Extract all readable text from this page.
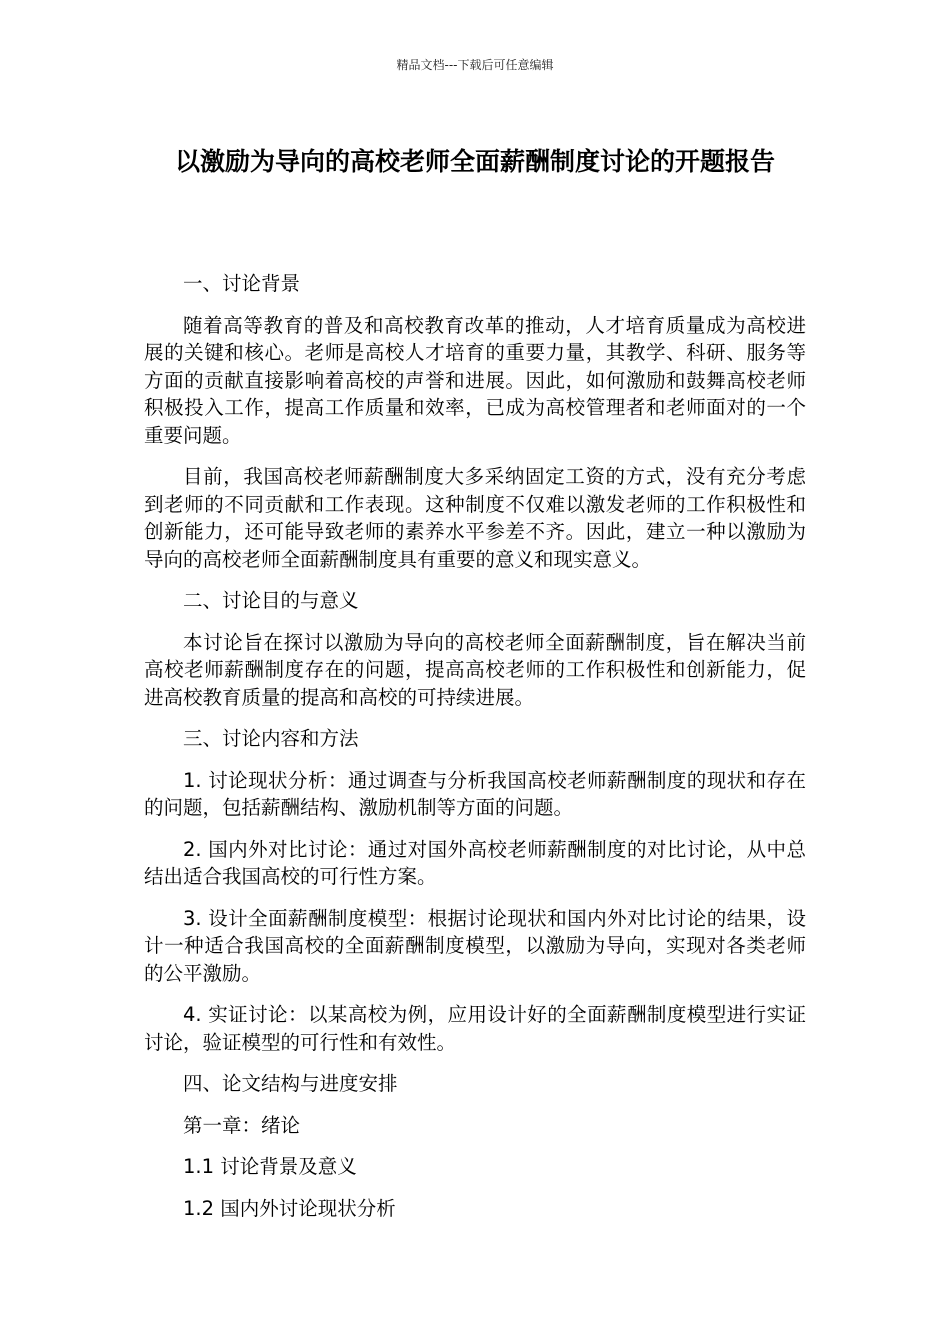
精品文档---下载后可任意编辑
以激励为导向的高校老师全面薪酬制度讨论的开题报告

一、讨论背景

随着高等教育的普及和高校教育改革的推动，人才培育质量成为高校进展的关键和核心。老师是高校人才培育的重要力量，其教学、科研、服务等方面的贡献直接影响着高校的声誉和进展。因此，如何激励和鼓舞高校老师积极投入工作，提高工作质量和效率，已成为高校管理者和老师面对的一个重要问题。

目前，我国高校老师薪酬制度大多采纳固定工资的方式，没有充分考虑到老师的不同贡献和工作表现。这种制度不仅难以激发老师的工作积极性和创新能力，还可能导致老师的素养水平参差不齐。因此，建立一种以激励为导向的高校老师全面薪酬制度具有重要的意义和现实意义。

二、讨论目的与意义

本讨论旨在探讨以激励为导向的高校老师全面薪酬制度，旨在解决当前高校老师薪酬制度存在的问题，提高高校老师的工作积极性和创新能力，促进高校教育质量的提高和高校的可持续进展。

三、讨论内容和方法

1. 讨论现状分析：通过调查与分析我国高校老师薪酬制度的现状和存在的问题，包括薪酬结构、激励机制等方面的问题。

2. 国内外对比讨论：通过对国外高校老师薪酬制度的对比讨论，从中总结出适合我国高校的可行性方案。

3. 设计全面薪酬制度模型：根据讨论现状和国内外对比讨论的结果，设计一种适合我国高校的全面薪酬制度模型，以激励为导向，实现对各类老师的公平激励。

4. 实证讨论：以某高校为例，应用设计好的全面薪酬制度模型进行实证讨论，验证模型的可行性和有效性。

四、论文结构与进度安排

第一章：绪论

1.1 讨论背景及意义

1.2 国内外讨论现状分析
